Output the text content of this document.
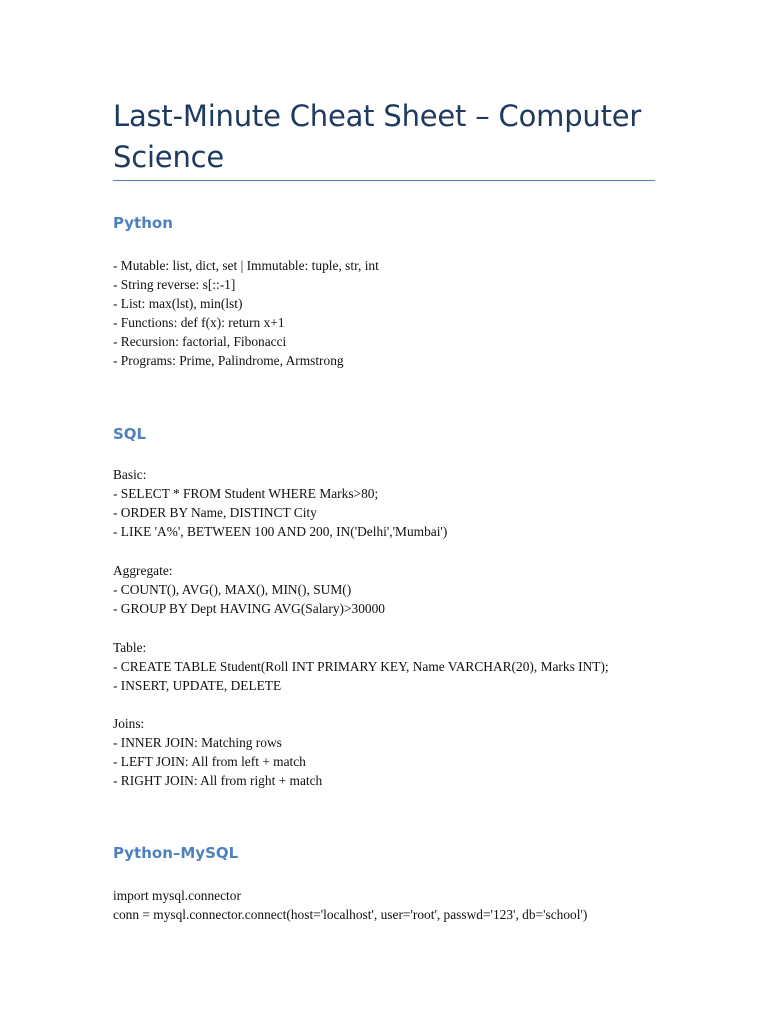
Last-Minute Cheat Sheet – Computer Science
Python
- Mutable: list, dict, set | Immutable: tuple, str, int
- String reverse: s[::-1]
- List: max(lst), min(lst)
- Functions: def f(x): return x+1
- Recursion: factorial, Fibonacci
- Programs: Prime, Palindrome, Armstrong
SQL
Basic:
- SELECT * FROM Student WHERE Marks>80;
- ORDER BY Name, DISTINCT City
- LIKE 'A%', BETWEEN 100 AND 200, IN('Delhi','Mumbai')
Aggregate:
- COUNT(), AVG(), MAX(), MIN(), SUM()
- GROUP BY Dept HAVING AVG(Salary)>30000
Table:
- CREATE TABLE Student(Roll INT PRIMARY KEY, Name VARCHAR(20), Marks INT);
- INSERT, UPDATE, DELETE
Joins:
- INNER JOIN: Matching rows
- LEFT JOIN: All from left + match
- RIGHT JOIN: All from right + match
Python–MySQL
import mysql.connector
conn = mysql.connector.connect(host='localhost', user='root', passwd='123', db='school')
